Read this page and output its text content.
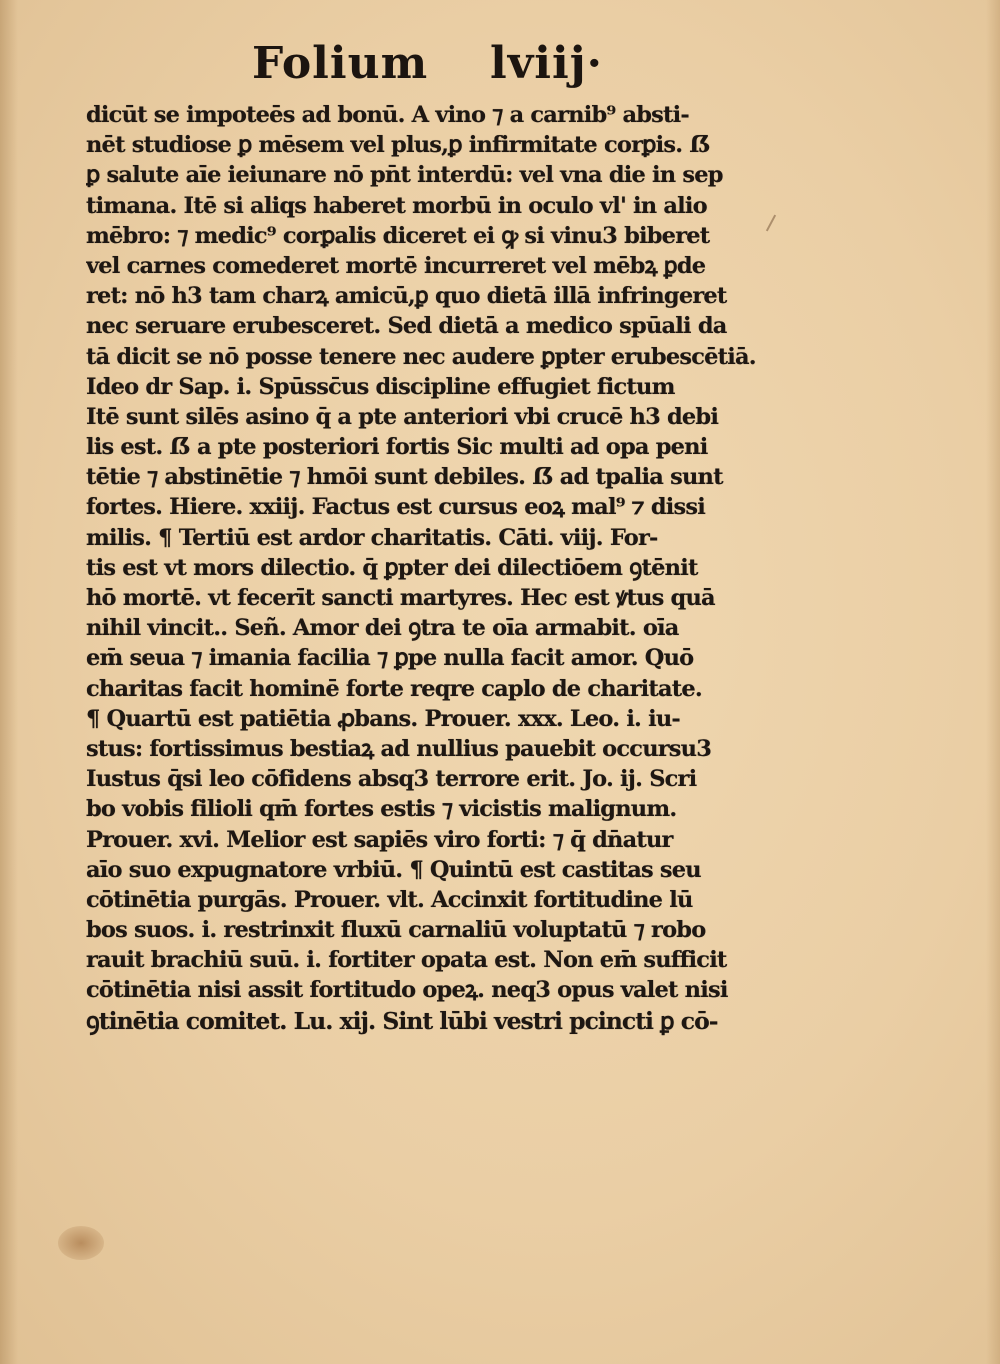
Folium lviij·
dicūt se impoteēs ad bonū. A vino ⁊ a carnib⁹ absti‑
nēt studiose ꝑ mēsem vel plus,ꝑ infirmitate corꝑis. ẞ
ꝑ salute aīe ieiunare nō pn̄t interdū: vel vna die in sep
timana. Itē si aliqs haberet morbū in oculo vl' in alio
mēbro: ⁊ medic⁹ corꝑalis diceret ei ꝙ si vinu3 biberet
vel carnes comederet mortē incurreret vel mēbꝝ ꝑde
ret: nō h3 tam charꝝ amicū,ꝑ quo dietā illā infringeret
nec seruare erubesceret. Sed dietā a medico spūali da
tā dicit se nō posse tenere nec audere ꝑpter erubescētiā.
Ideo dr Sap. i. Spūssc̄us discipline effugiet fictum
Itē sunt silēs asino q̄ a pte anteriori vbi crucē h3 debi
lis est. ẞ a pte posteriori fortis Sic multi ad opa peni
tētie ⁊ abstinētie ⁊ hmōi sunt debiles. ẞ ad tpalia sunt
fortes. Hiere. xxiij. Factus est cursus eoꝝ mal⁹ ⁊ dissi
milis. ¶ Tertiū est ardor charitatis. Cāti. viij. For‑
tis est vt mors dilectio. q̄ ꝑpter dei dilectiōem ꝯtēnit
hō mortē. vt fecerīt sancti martyres. Hec est ꝟtus quā
nihil vincit.. Señ. Amor dei ꝯtra te oīa armabit. oīa
em̄ seua ⁊ imania facilia ⁊ ꝑpe nulla facit amor. Quō
charitas facit hominē forte reqre caplo de charitate.
¶ Quartū est patiētia ꝓbans. Prouer. xxx. Leo. i. iu‑
stus: fortissimus bestiaꝝ ad nullius pauebit occursu3
Iustus q̄si leo cōfidens absq3 terrore erit. Jo. ij. Scri
bo vobis filioli qm̄ fortes estis ⁊ vicistis malignum.
Prouer. xvi. Melior est sapiēs viro forti: ⁊ q̄ dn̄atur
aīo suo expugnatore vrbiū. ¶ Quintū est castitas seu
cōtinētia purgās. Prouer. vlt. Accinxit fortitudine lū
bos suos. i. restrinxit fluxū carnaliū voluptatū ⁊ robo
rauit brachiū suū. i. fortiter opata est. Non em̄ sufficit
cōtinētia nisi assit fortitudo opeꝝ. neq3 opus valet nisi
ꝯtinētia comitet. Lu. xij. Sint lūbi vestri pcincti ꝑ cō‑
